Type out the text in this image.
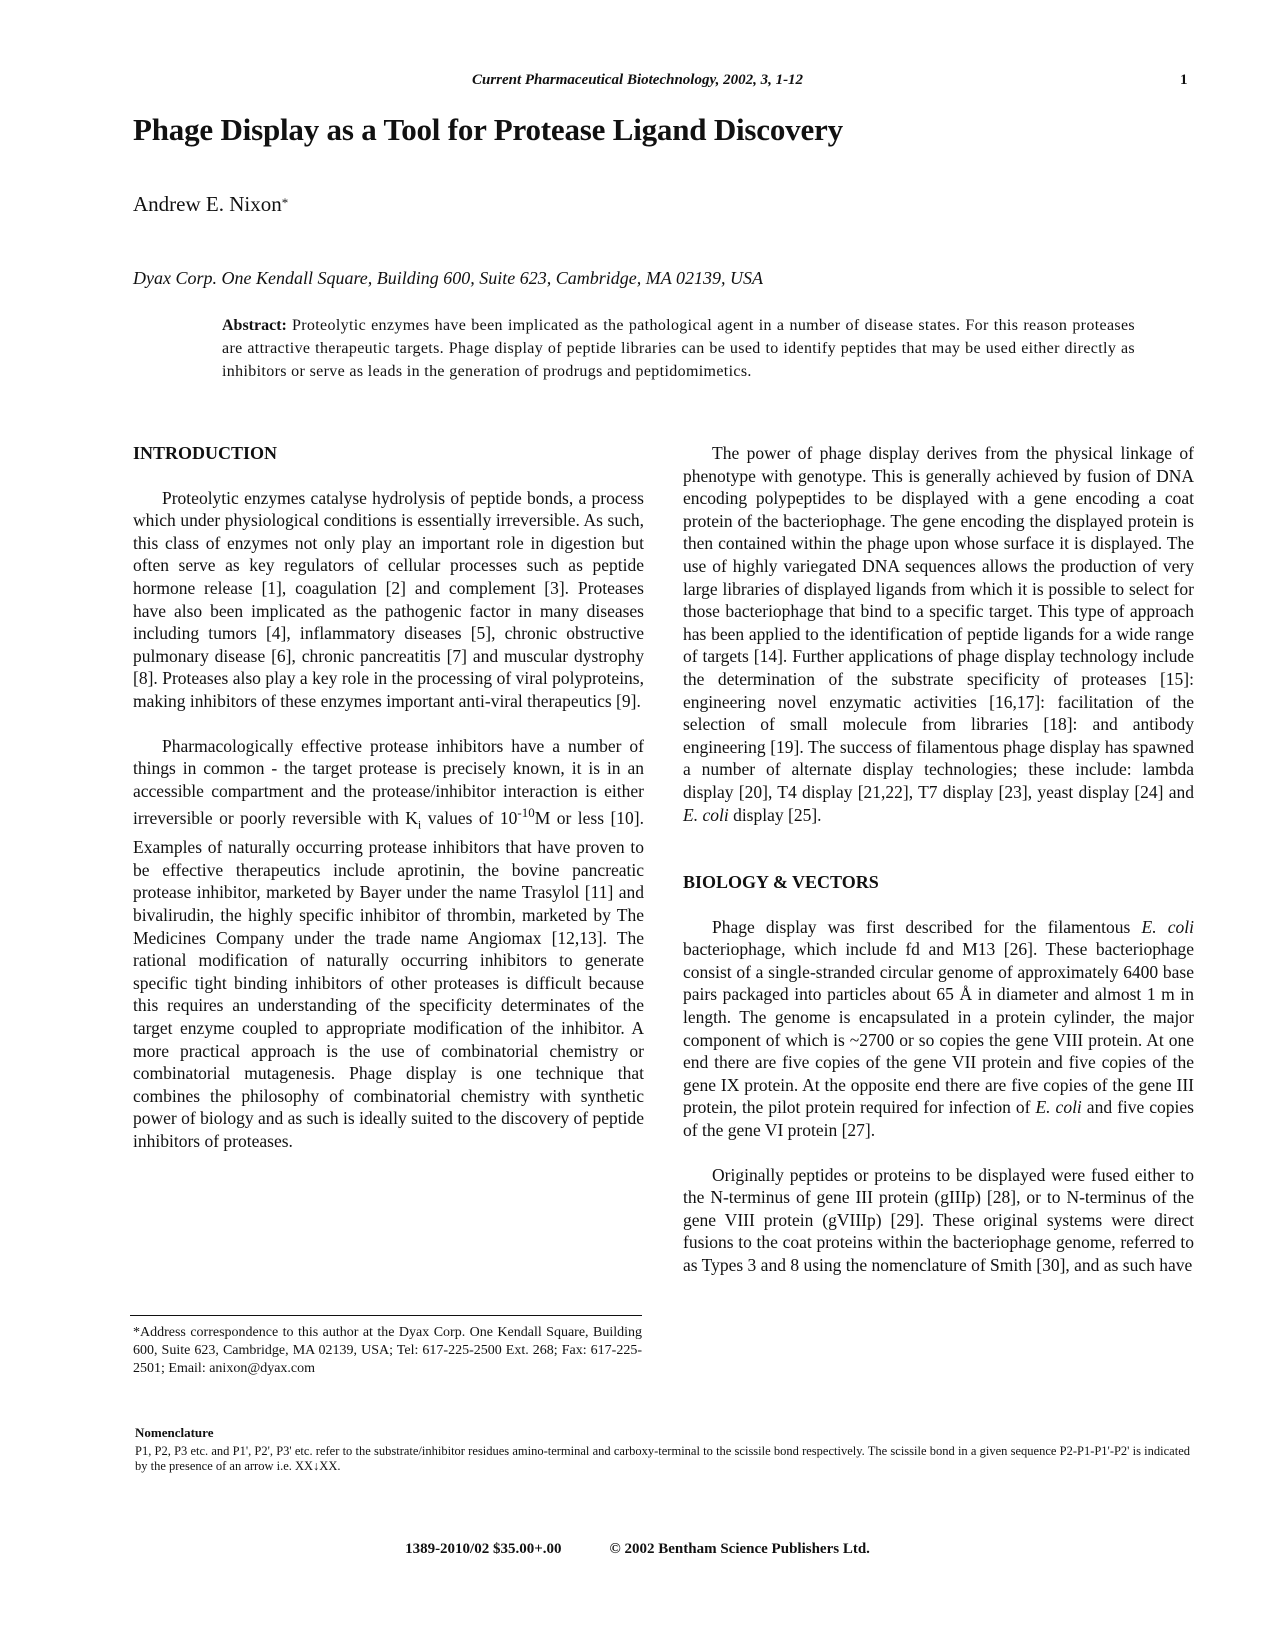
Current Pharmaceutical Biotechnology, 2002, 3, 1-12	1
Phage Display as a Tool for Protease Ligand Discovery
Andrew E. Nixon*
Dyax Corp. One Kendall Square, Building 600, Suite 623, Cambridge, MA 02139, USA
Abstract: Proteolytic enzymes have been implicated as the pathological agent in a number of disease states. For this reason proteases are attractive therapeutic targets. Phage display of peptide libraries can be used to identify peptides that may be used either directly as inhibitors or serve as leads in the generation of prodrugs and peptidomimetics.
INTRODUCTION

Proteolytic enzymes catalyse hydrolysis of peptide bonds, a process which under physiological conditions is essentially irreversible. As such, this class of enzymes not only play an important role in digestion but often serve as key regulators of cellular processes such as peptide hormone release [1], coagulation [2] and complement [3]. Proteases have also been implicated as the pathogenic factor in many diseases including tumors [4], inflammatory diseases [5], chronic obstructive pulmonary disease [6], chronic pancreatitis [7] and muscular dystrophy [8]. Proteases also play a key role in the processing of viral polyproteins, making inhibitors of these enzymes important anti-viral therapeutics [9].

Pharmacologically effective protease inhibitors have a number of things in common - the target protease is precisely known, it is in an accessible compartment and the protease/inhibitor interaction is either irreversible or poorly reversible with $K_i$ values of $10^{-10}M$ or less [10]. Examples of naturally occurring protease inhibitors that have proven to be effective therapeutics include aprotinin, the bovine pancreatic protease inhibitor, marketed by Bayer under the name Trasylol [11] and bivalirudin, the highly specific inhibitor of thrombin, marketed by The Medicines Company under the trade name Angiomax [12,13]. The rational modification of naturally occurring inhibitors to generate specific tight binding inhibitors of other proteases is difficult because this requires an understanding of the specificity determinates of the target enzyme coupled to appropriate modification of the inhibitor. A more practical approach is the use of combinatorial chemistry or combinatorial mutagenesis. Phage display is one technique that combines the philosophy of combinatorial chemistry with synthetic power of biology and as such is ideally suited to the discovery of peptide inhibitors of proteases.

The power of phage display derives from the physical linkage of phenotype with genotype. This is generally achieved by fusion of DNA encoding polypeptides to be displayed with a gene encoding a coat protein of the bacteriophage. The gene encoding the displayed protein is then contained within the phage upon whose surface it is displayed. The use of highly variegated DNA sequences allows the production of very large libraries of displayed ligands from which it is possible to select for those bacteriophage that bind to a specific target. This type of approach has been applied to the identification of peptide ligands for a wide range of targets [14]. Further applications of phage display technology include the determination of the substrate specificity of proteases [15]: engineering novel enzymatic activities [16,17]: facilitation of the selection of small molecule from libraries [18]: and antibody engineering [19]. The success of filamentous phage display has spawned a number of alternate display technologies; these include: lambda display [20], T4 display [21,22], T7 display [23], yeast display [24] and E. coli display [25].

BIOLOGY & VECTORS

Phage display was first described for the filamentous E. coli bacteriophage, which include fd and M13 [26]. These bacteriophage consist of a single-stranded circular genome of approximately 6400 base pairs packaged into particles about 65 Å in diameter and almost 1 m in length. The genome is encapsulated in a protein cylinder, the major component of which is ~2700 or so copies the gene VIII protein. At one end there are five copies of the gene VII protein and five copies of the gene IX protein. At the opposite end there are five copies of the gene III protein, the pilot protein required for infection of E. coli and five copies of the gene VI protein [27].

Originally peptides or proteins to be displayed were fused either to the N-terminus of gene III protein (gIIIp) [28], or to N-terminus of the gene VIII protein (gVIIIp) [29]. These original systems were direct fusions to the coat proteins within the bacteriophage genome, referred to as Types 3 and 8 using the nomenclature of Smith [30], and as such have

*Address correspondence to this author at the Dyax Corp. One Kendall Square, Building 600, Suite 623, Cambridge, MA 02139, USA; Tel: 617-225-2500 Ext. 268; Fax: 617-225-2501; Email: anixon@dyax.com
Nomenclature
P1, P2, P3 etc. and P1', P2', P3' etc. refer to the substrate/inhibitor residues amino-terminal and carboxy-terminal to the scissile bond respectively. The scissile bond in a given sequence P2-P1-P1'-P2' is indicated by the presence of an arrow i.e. XX↓XX.
1389-2010/02 $35.00+.00	© 2002 Bentham Science Publishers Ltd.
